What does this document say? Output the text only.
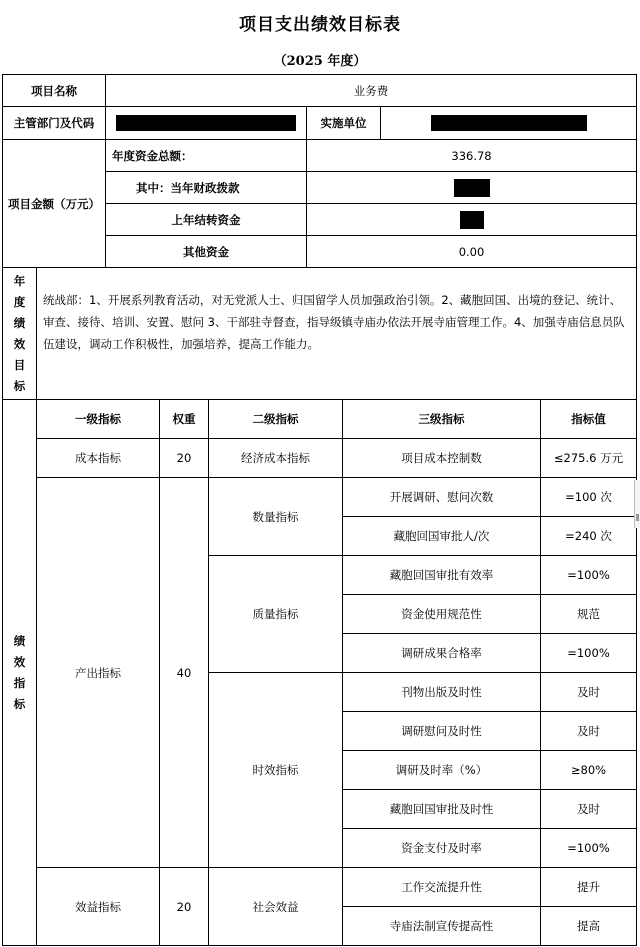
项目支出绩效目标表
（2025 年度）
项目名称	业务费		
主管部门及代码		实施单位	
项目金额（万元）	年度资金总额：	336.78
	其中：当年财政拨款	
	上年结转资金	
	其他资金	0.00
年
度
绩
效
目
标	统战部：1、开展系列教育活动，对无党派人士、归国留学人员加强政治引领。2、藏胞回国、出境的登记、统计、审查、接待、培训、安置、慰问 3、干部驻寺督查，指导级镇寺庙办依法开展寺庙管理工作。4、加强寺庙信息员队伍建设，调动工作积极性，加强培养，提高工作能力。
绩
效
指
标	一级指标	权重	二级指标	三级指标	指标值
	成本指标	20	经济成本指标	项目成本控制数	≤275.6 万元
	产出指标	40	数量指标	开展调研、慰问次数	=100 次
				藏胞回国审批人/次	=240 次
			质量指标	藏胞回国审批有效率	=100%
				资金使用规范性	规范
				调研成果合格率	=100%
			时效指标	刊物出版及时性	及时
				调研慰问及时性	及时
				调研及时率（%）	≥80%
				藏胞回国审批及时性	及时
				资金支付及时率	=100%
	效益指标	20	社会效益	工作交流提升性	提升
				寺庙法制宣传提高性	提高
